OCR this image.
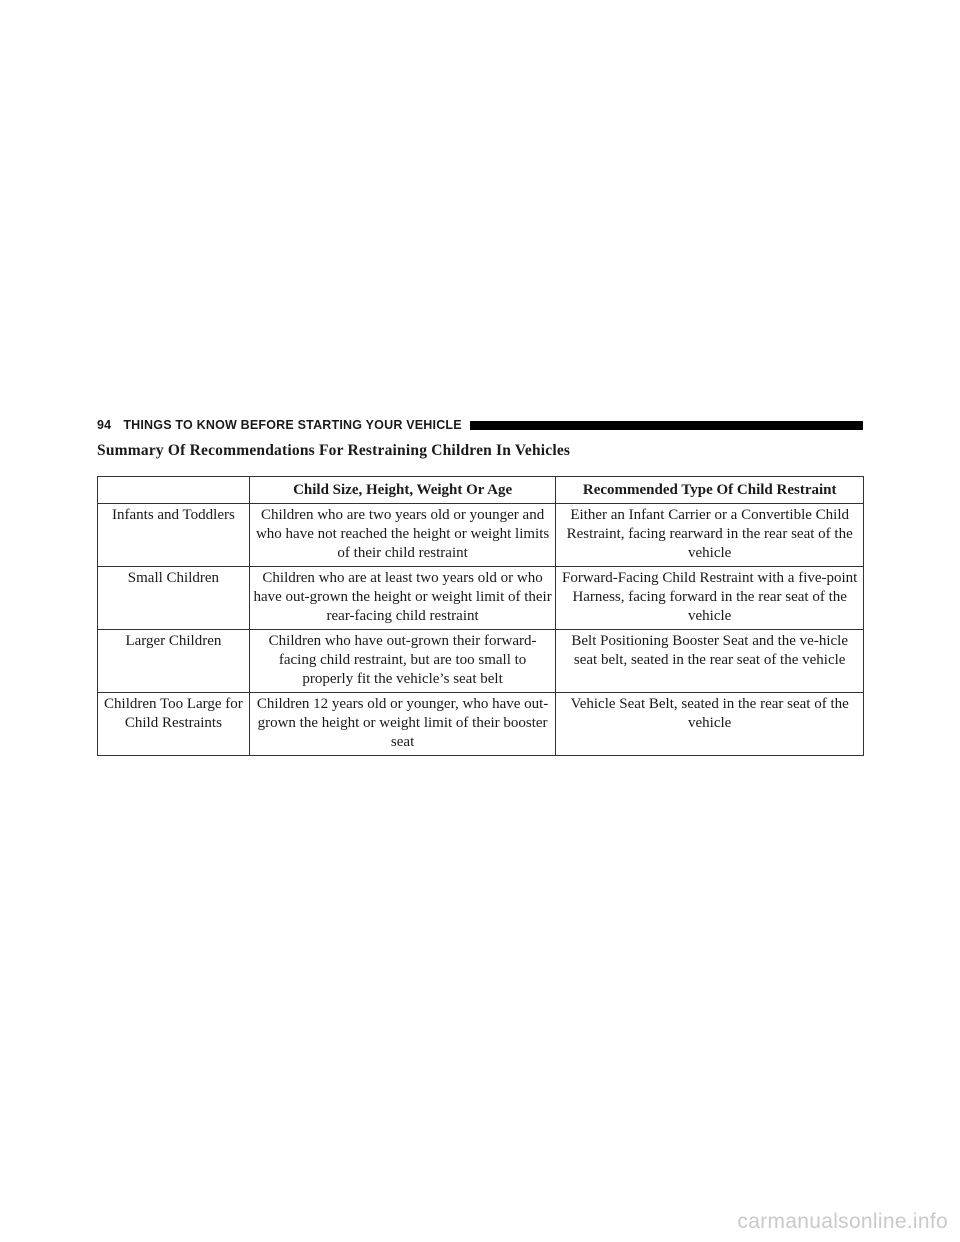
94 THINGS TO KNOW BEFORE STARTING YOUR VEHICLE
Summary Of Recommendations For Restraining Children In Vehicles
	Child Size, Height, Weight Or Age	Recommended Type Of Child Restraint
Infants and Toddlers	Children who are two years old or younger and who have not reached the height or weight limits of their child restraint	Either an Infant Carrier or a Convertible Child Restraint, facing rearward in the rear seat of the vehicle
Small Children	Children who are at least two years old or who have out-grown the height or weight limit of their rear-facing child restraint	Forward-Facing Child Restraint with a five-point Harness, facing forward in the rear seat of the vehicle
Larger Children	Children who have out-grown their forward-facing child restraint, but are too small to properly fit the vehicle’s seat belt	Belt Positioning Booster Seat and the ve-hicle seat belt, seated in the rear seat of the vehicle
Children Too Large for Child Restraints	Children 12 years old or younger, who have out-grown the height or weight limit of their booster seat	Vehicle Seat Belt, seated in the rear seat of the vehicle
carmanualsonline.info
